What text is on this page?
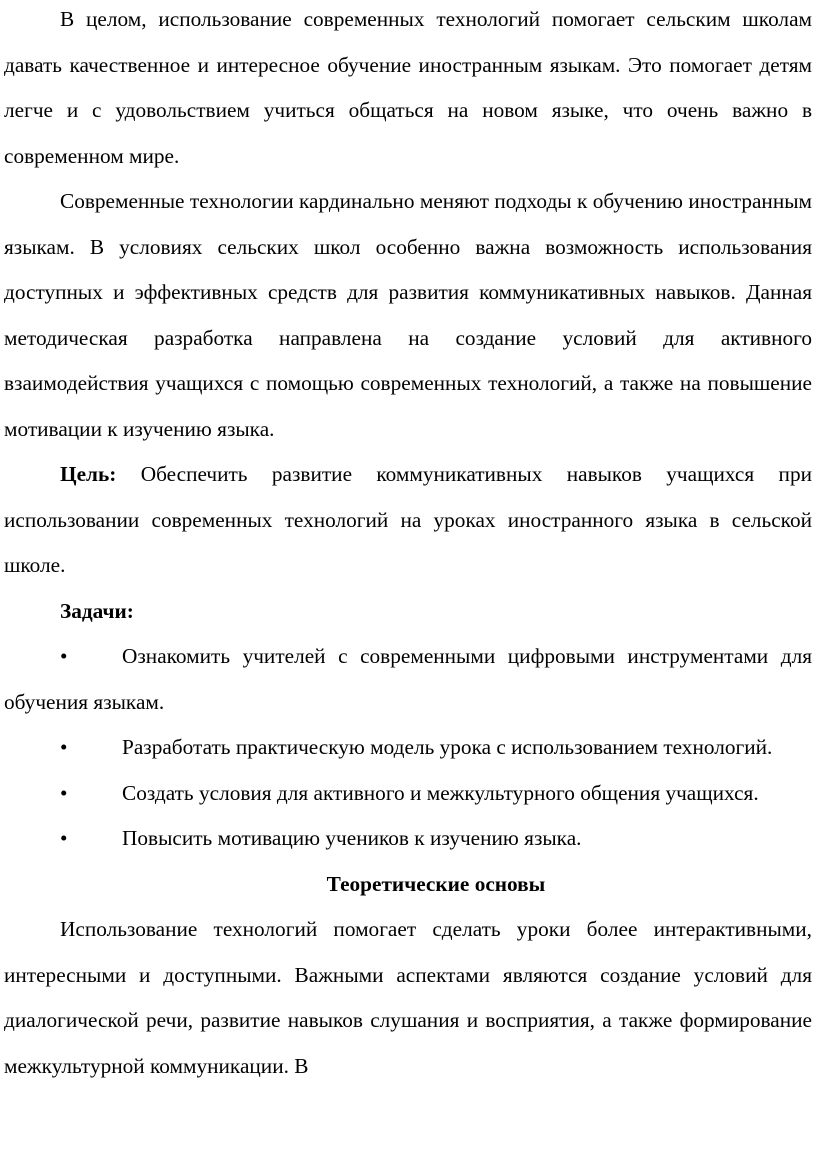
В целом, использование современных технологий помогает сельским школам давать качественное и интересное обучение иностранным языкам. Это помогает детям легче и с удовольствием учиться общаться на новом языке, что очень важно в современном мире.

Современные технологии кардинально меняют подходы к обучению иностранным языкам. В условиях сельских школ особенно важна возможность использования доступных и эффективных средств для развития коммуникативных навыков. Данная методическая разработка направлена на создание условий для активного взаимодействия учащихся с помощью современных технологий, а также на повышение мотивации к изучению языка.

Цель: Обеспечить развитие коммуникативных навыков учащихся при использовании современных технологий на уроках иностранного языка в сельской школе.

Задачи:

•	Ознакомить учителей с современными цифровыми инструментами для обучения языкам.

•	Разработать практическую модель урока с использованием технологий.

•	Создать условия для активного и межкультурного общения учащихся.

•	Повысить мотивацию учеников к изучению языка.

Теоретические основы

Использование технологий помогает сделать уроки более интерактивными, интересными и доступными. Важными аспектами являются создание условий для диалогической речи, развитие навыков слушания и восприятия, а также формирование межкультурной коммуникации. В
